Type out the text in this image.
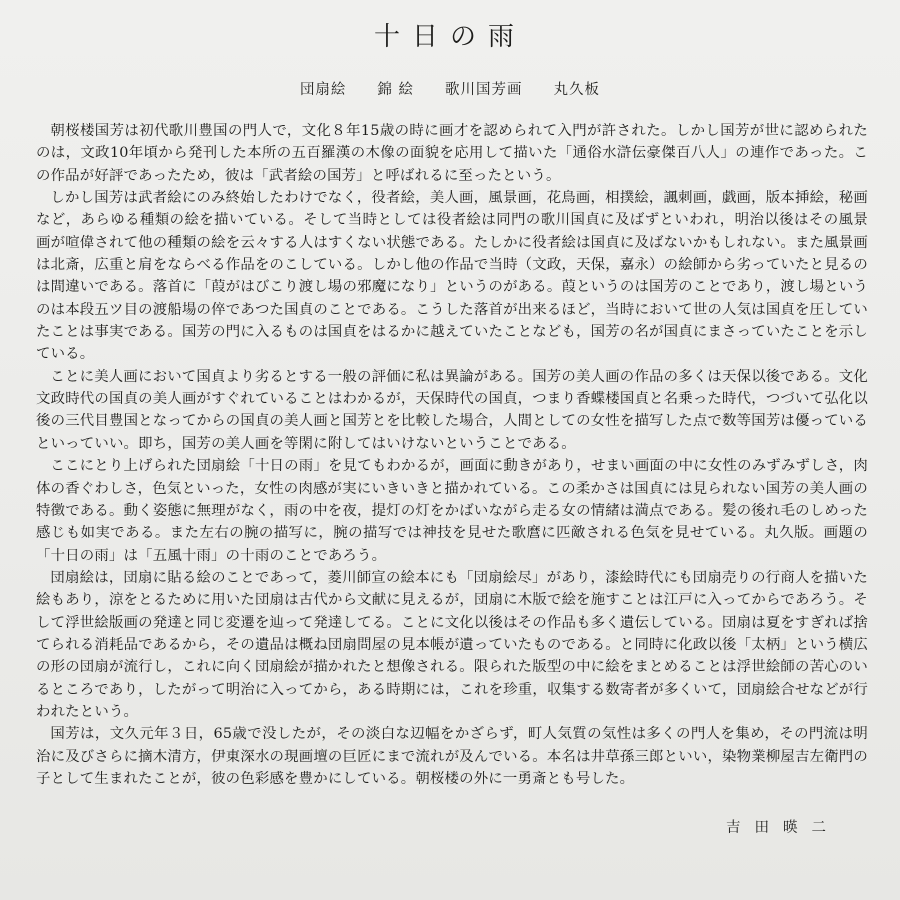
十日の雨
団扇絵　　錦 絵　　歌川国芳画　　丸久板

朝桜楼国芳は初代歌川豊国の門人で，文化８年15歳の時に画才を認められて入門が許された。しかし国芳が世に認められたのは，文政10年頃から発刊した本所の五百羅漢の木像の面貌を応用して描いた「通俗水滸伝豪傑百八人」の連作であった。この作品が好評であったため，彼は「武者絵の国芳」と呼ばれるに至ったという。

しかし国芳は武者絵にのみ終始したわけでなく，役者絵，美人画，風景画，花鳥画，相撲絵，諷刺画，戯画，版本挿絵，秘画など，あらゆる種類の絵を描いている。そして当時としては役者絵は同門の歌川国貞に及ばずといわれ，明治以後はその風景画が喧偉されて他の種類の絵を云々する人はすくない状態である。たしかに役者絵は国貞に及ばないかもしれない。また風景画は北斎，広重と肩をならべる作品をのこしている。しかし他の作品で当時（文政，天保，嘉永）の絵師から劣っていたと見るのは間違いである。落首に「葭がはびこり渡し場の邪魔になり」というのがある。葭というのは国芳のことであり，渡し場というのは本段五ツ目の渡船場の倅であつた国貞のことである。こうした落首が出来るほど，当時において世の人気は国貞を圧していたことは事実である。国芳の門に入るものは国貞をはるかに越えていたことなども，国芳の名が国貞にまさっていたことを示している。

ことに美人画において国貞より劣るとする一般の評価に私は異論がある。国芳の美人画の作品の多くは天保以後である。文化文政時代の国貞の美人画がすぐれていることはわかるが，天保時代の国貞，つまり香蝶楼国貞と名乗った時代，つづいて弘化以後の三代目豊国となってからの国貞の美人画と国芳とを比較した場合，人間としての女性を描写した点で数等国芳は優っているといっていい。即ち，国芳の美人画を等閑に附してはいけないということである。

ここにとり上げられた団扇絵「十日の雨」を見てもわかるが，画面に動きがあり，せまい画面の中に女性のみずみずしさ，肉体の香ぐわしさ，色気といった，女性の肉感が実にいきいきと描かれている。この柔かさは国貞には見られない国芳の美人画の特徴である。動く姿態に無理がなく，雨の中を夜，提灯の灯をかばいながら走る女の情緒は満点である。髪の後れ毛のしめった感じも如実である。また左右の腕の描写に，腕の描写では神技を見せた歌麿に匹敵される色気を見せている。丸久版。画題の「十日の雨」は「五風十雨」の十雨のことであろう。

団扇絵は，団扇に貼る絵のことであって，菱川師宣の絵本にも「団扇絵尽」があり，漆絵時代にも団扇売りの行商人を描いた絵もあり，涼をとるために用いた団扇は古代から文献に見えるが，団扇に木版で絵を施すことは江戸に入ってからであろう。そして浮世絵版画の発達と同じ変遷を辿って発達してる。ことに文化以後はその作品も多く遺伝している。団扇は夏をすぎれば捨てられる消耗品であるから，その遺品は概ね団扇問屋の見本帳が遺っていたものである。と同時に化政以後「太柄」という横広の形の団扇が流行し，これに向く団扇絵が描かれたと想像される。限られた版型の中に絵をまとめることは浮世絵師の苦心のいるところであり，したがって明治に入ってから，ある時期には，これを珍重，収集する数寄者が多くいて，団扇絵合せなどが行われたという。

国芳は，文久元年３日，65歳で没したが，その淡白な辺幅をかざらず，町人気質の気性は多くの門人を集め，その門流は明治に及びさらに摘木清方，伊東深水の現画壇の巨匠にまで流れが及んでいる。本名は井草孫三郎といい，染物業柳屋吉左衛門の子として生まれたことが，彼の色彩感を豊かにしている。朝桜楼の外に一勇斎とも号した。

吉田暎二
